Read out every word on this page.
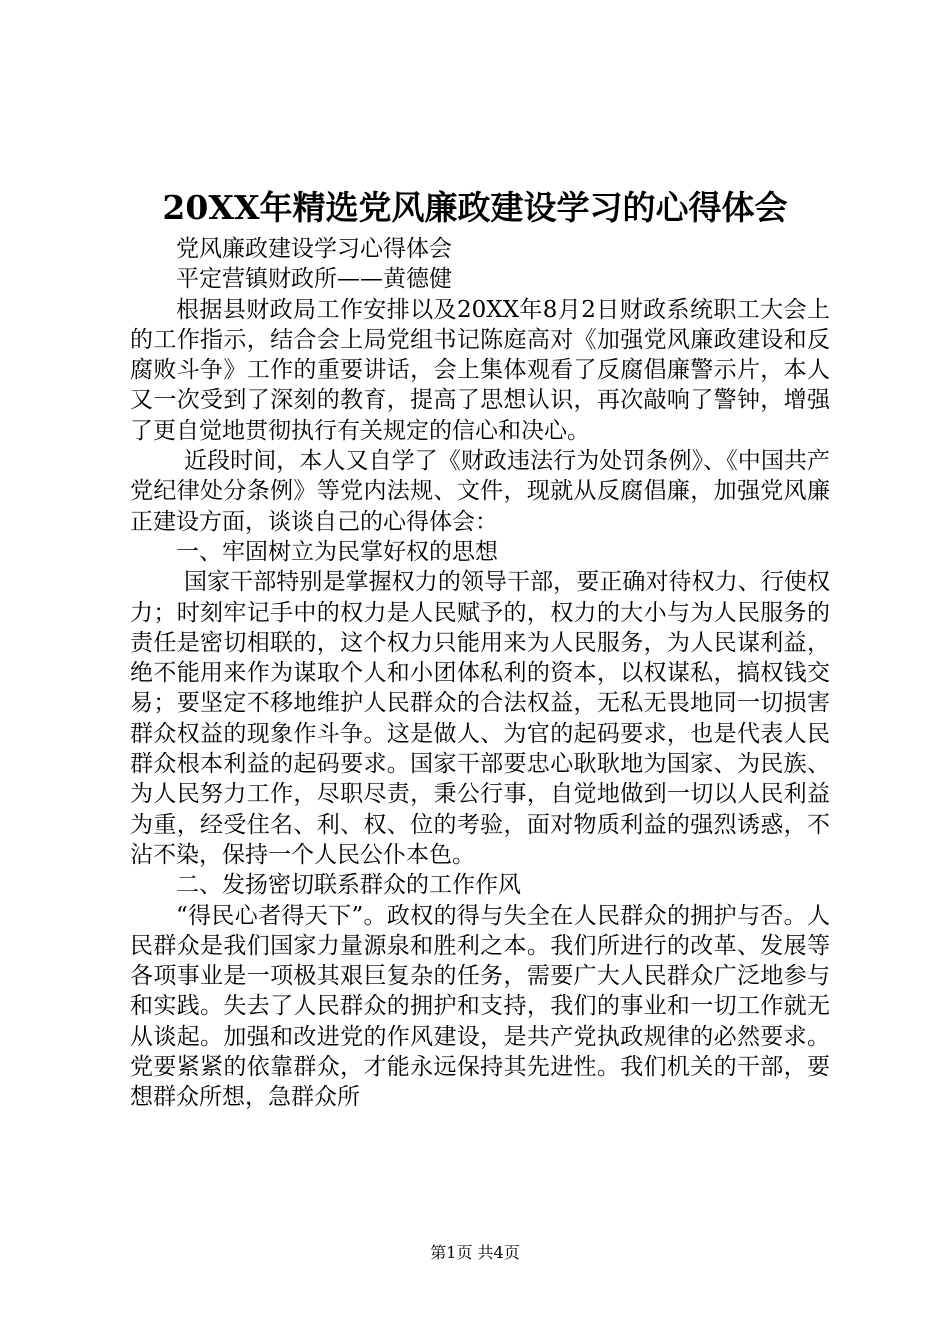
20XX年精选党风廉政建设学习的心得体会

党风廉政建设学习心得体会

平定营镇财政所——黄德健

根据县财政局工作安排以及20XX年8月2日财政系统职工大会上的工作指示，结合会上局党组书记陈庭高对《加强党风廉政建设和反腐败斗争》工作的重要讲话，会上集体观看了反腐倡廉警示片，本人又一次受到了深刻的教育，提高了思想认识，再次敲响了警钟，增强了更自觉地贯彻执行有关规定的信心和决心。

近段时间，本人又自学了《财政违法行为处罚条例》、《中国共产党纪律处分条例》等党内法规、文件，现就从反腐倡廉，加强党风廉正建设方面，谈谈自己的心得体会：

一、牢固树立为民掌好权的思想

国家干部特别是掌握权力的领导干部，要正确对待权力、行使权力；时刻牢记手中的权力是人民赋予的，权力的大小与为人民服务的责任是密切相联的，这个权力只能用来为人民服务，为人民谋利益，绝不能用来作为谋取个人和小团体私利的资本，以权谋私，搞权钱交易；要坚定不移地维护人民群众的合法权益，无私无畏地同一切损害群众权益的现象作斗争。这是做人、为官的起码要求，也是代表人民群众根本利益的起码要求。国家干部要忠心耿耿地为国家、为民族、为人民努力工作，尽职尽责，秉公行事，自觉地做到一切以人民利益为重，经受住名、利、权、位的考验，面对物质利益的强烈诱惑，不沾不染，保持一个人民公仆本色。

二、发扬密切联系群众的工作作风

“得民心者得天下”。政权的得与失全在人民群众的拥护与否。人民群众是我们国家力量源泉和胜利之本。我们所进行的改革、发展等各项事业是一项极其艰巨复杂的任务，需要广大人民群众广泛地参与和实践。失去了人民群众的拥护和支持，我们的事业和一切工作就无从谈起。加强和改进党的作风建设，是共产党执政规律的必然要求。党要紧紧的依靠群众，才能永远保持其先进性。我们机关的干部，要想群众所想，急群众所

第1页 共4页
